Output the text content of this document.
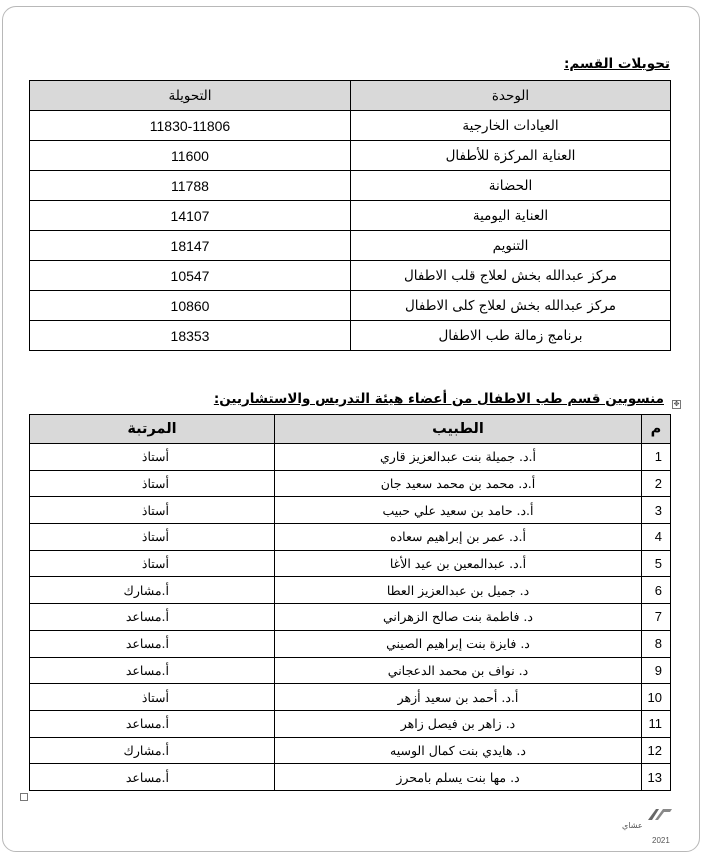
تحويلات القسم:
الوحدة	التحويلة
العيادات الخارجية	11830-11806
العناية المركزة للأطفال	11600
الحضانة	11788
العناية اليومية	14107
التنويم	18147
مركز عبدالله بخش لعلاج قلب الاطفال	10547
مركز عبدالله بخش لعلاج كلى الاطفال	10860
برنامج زمالة طب الاطفال	18353
منسوبين قسم طب الاطفال من أعضاء هيئة التدريس والاستشاريين: ✥
م	الطبيب	المرتبة
1	أ.د. جميلة بنت عبدالعزيز قاري	أستاذ
2	أ.د. محمد بن محمد سعيد جان	أستاذ
3	أ.د. حامد بن سعيد علي حبيب	أستاذ
4	أ.د. عمر بن إبراهيم سعاده	أستاذ
5	أ.د. عبدالمعين بن عيد الأغا	أستاذ
6	د. جميل بن عبدالعزيز العطا	أ.مشارك
7	د. فاطمة بنت صالح الزهراني	أ.مساعد
8	د. فايزة بنت إبراهيم الصيني	أ.مساعد
9	د. نواف بن محمد الدعجاني	أ.مساعد
10	أ.د. أحمد بن سعيد أزهر	أستاذ
11	د. زاهر بن فيصل زاهر	أ.مساعد
12	د. هايدي بنت كمال الوسيه	أ.مشارك
13	د. مها بنت يسلم بامحرز	أ.مساعد
عشاي
2021
